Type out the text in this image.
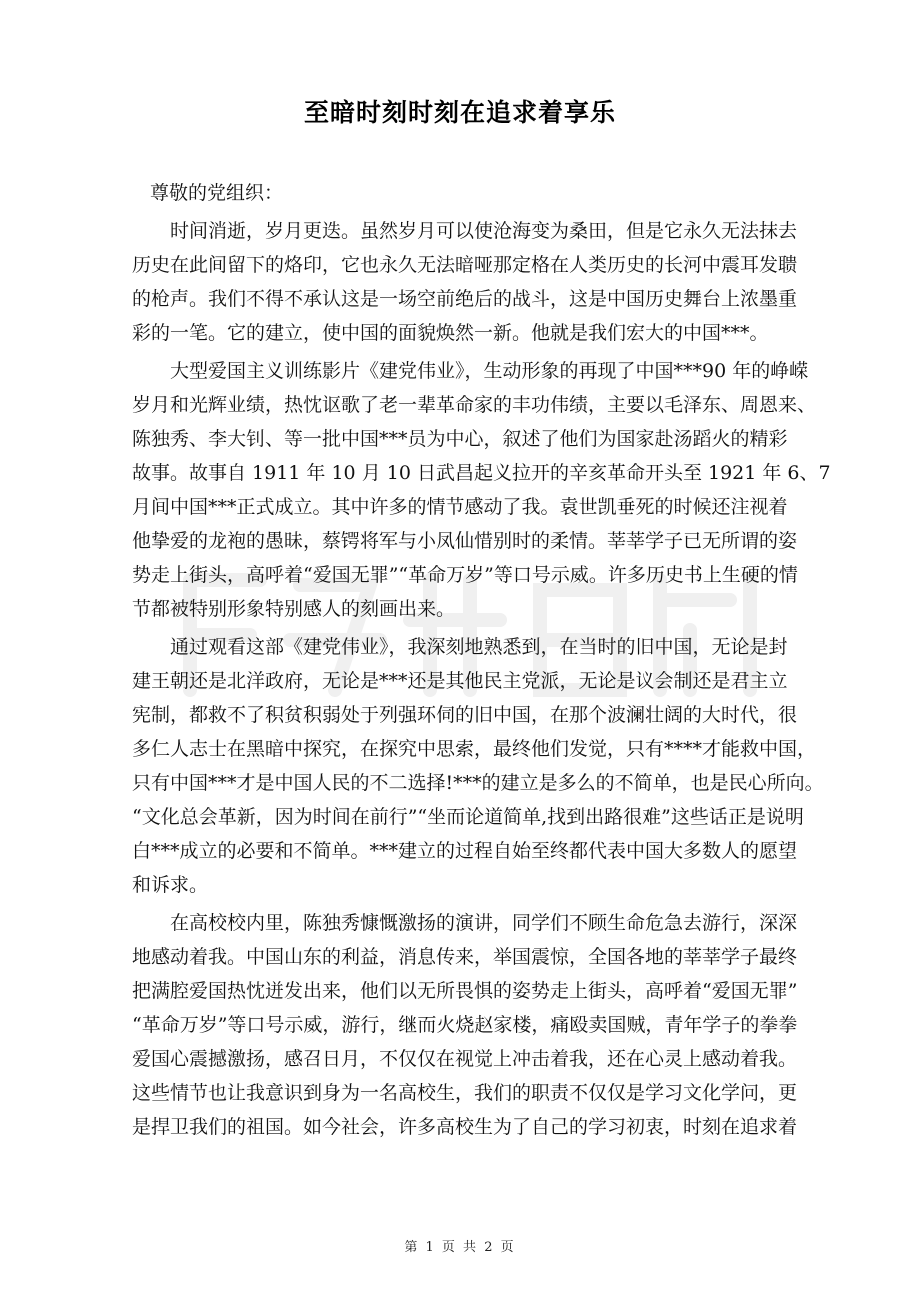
至暗时刻时刻在追求着享乐
尊敬的党组织：
时间消逝，岁月更迭。虽然岁月可以使沧海变为桑田，但是它永久无法抹去
历史在此间留下的烙印，它也永久无法暗哑那定格在人类历史的长河中震耳发聩
的枪声。我们不得不承认这是一场空前绝后的战斗，这是中国历史舞台上浓墨重
彩的一笔。它的建立，使中国的面貌焕然一新。他就是我们宏大的中国***。
大型爱国主义训练影片《建党伟业》，生动形象的再现了中国***90 年的峥嵘
岁月和光辉业绩，热忱讴歌了老一辈革命家的丰功伟绩，主要以毛泽东、周恩来、
陈独秀、李大钊、等一批中国***员为中心，叙述了他们为国家赴汤蹈火的精彩
故事。故事自 1911 年 10 月 10 日武昌起义拉开的辛亥革命开头至 1921 年 6、7
月间中国***正式成立。其中许多的情节感动了我。袁世凯垂死的时候还注视着
他挚爱的龙袍的愚昧，蔡锷将军与小凤仙惜别时的柔情。莘莘学子已无所谓的姿
势走上街头，高呼着“爱国无罪”“革命万岁”等口号示威。许多历史书上生硬的情
节都被特别形象特别感人的刻画出来。
通过观看这部《建党伟业》，我深刻地熟悉到，在当时的旧中国，无论是封
建王朝还是北洋政府，无论是***还是其他民主党派，无论是议会制还是君主立
宪制，都救不了积贫积弱处于列强环伺的旧中国，在那个波澜壮阔的大时代，很
多仁人志士在黑暗中探究，在探究中思索，最终他们发觉，只有****才能救中国，
只有中国***才是中国人民的不二选择!***的建立是多么的不简单，也是民心所向。
“文化总会革新，因为时间在前行”“坐而论道简单,找到出路很难”这些话正是说明
白***成立的必要和不简单。***建立的过程自始至终都代表中国大多数人的愿望
和诉求。
在高校校内里，陈独秀慷慨激扬的演讲，同学们不顾生命危急去游行，深深
地感动着我。中国山东的利益，消息传来，举国震惊，全国各地的莘莘学子最终
把满腔爱国热忱迸发出来，他们以无所畏惧的姿势走上街头，高呼着“爱国无罪”
“革命万岁”等口号示威，游行，继而火烧赵家楼，痛殴卖国贼，青年学子的拳拳
爱国心震撼激扬，感召日月，不仅仅在视觉上冲击着我，还在心灵上感动着我。
这些情节也让我意识到身为一名高校生，我们的职责不仅仅是学习文化学问，更
是捍卫我们的祖国。如今社会，许多高校生为了自己的学习初衷，时刻在追求着
第 1 页 共 2 页
